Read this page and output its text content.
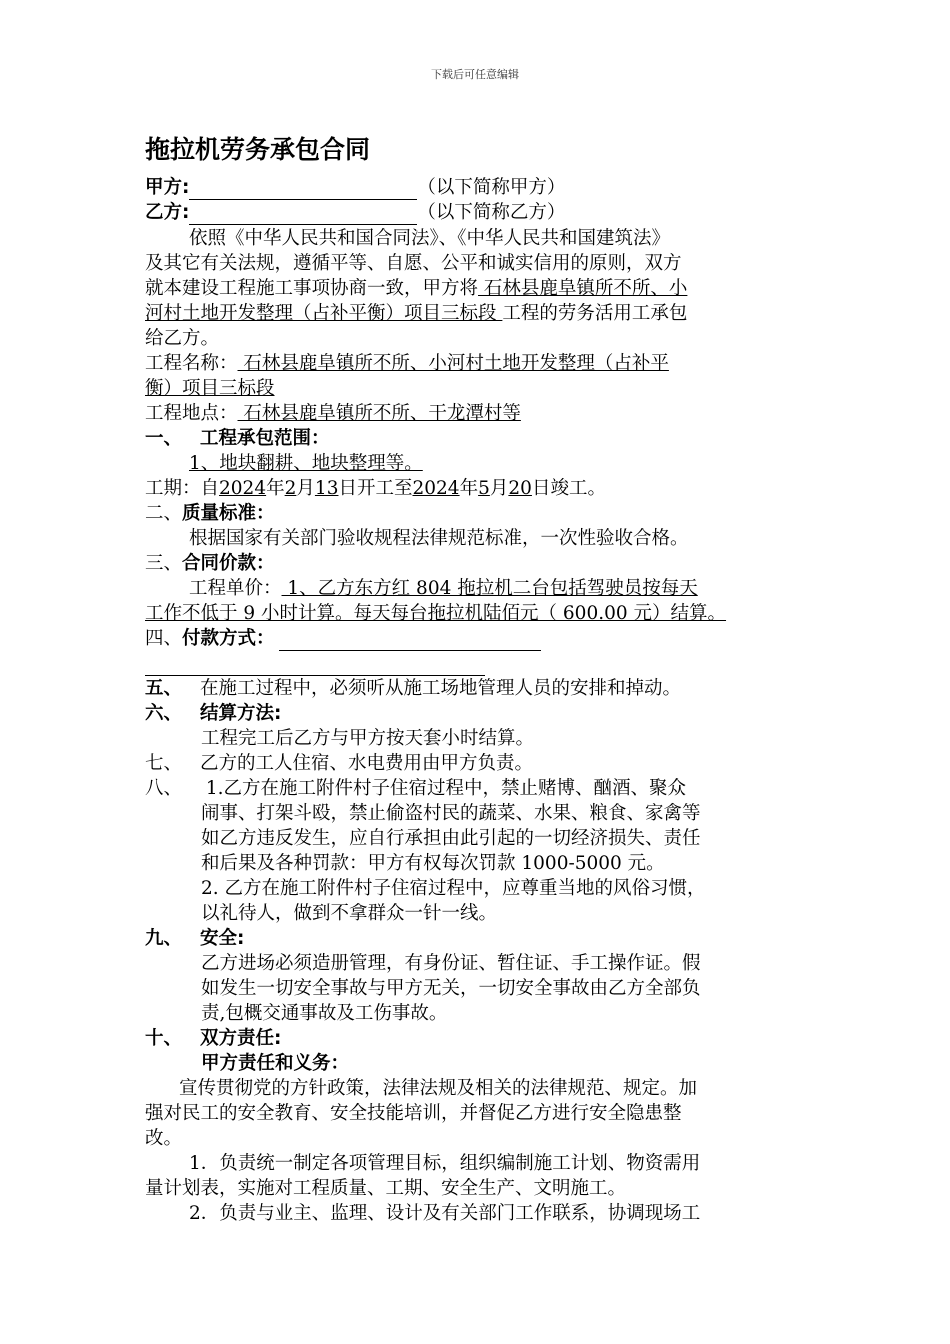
下载后可任意编辑
拖拉机劳务承包合同
甲方:	（以下简称甲方）
乙方:	（以下简称乙方）
依照《中华人民共和国合同法》、《中华人民共和国建筑法》
及其它有关法规，遵循平等、自愿、公平和诚实信用的原则，双方
就本建设工程施工事项协商一致，甲方将 石林县鹿阜镇所不所、小
河村土地开发整理（占补平衡）项目三标段 工程的劳务活用工承包
给乙方。
工程名称： 石林县鹿阜镇所不所、小河村土地开发整理（占补平
衡）项目三标段
工程地点： 石林县鹿阜镇所不所、干龙潭村等
一、 工程承包范围：
1、地块翻耕、地块整理等。
工期：自2024年2月13日开工至2024年5月20日竣工。
二、质量标准：
根据国家有关部门验收规程法律规范标准，一次性验收合格。
三、合同价款：
工程单价： 1、乙方东方红 804 拖拉机二台包括驾驶员按每天
工作不低于 9 小时计算。每天每台拖拉机陆佰元（ 600.00 元）结算。
四、付款方式：
五、 在施工过程中，必须听从施工场地管理人员的安排和掉动。
六、 结算方法:
工程完工后乙方与甲方按天套小时结算。
七、 乙方的工人住宿、水电费用由甲方负责。
八、 1.乙方在施工附件村子住宿过程中，禁止赌博、酗酒、聚众
闹事、打架斗殴，禁止偷盗村民的蔬菜、水果、粮食、家禽等
如乙方违反发生，应自行承担由此引起的一切经济损失、责任
和后果及各种罚款：甲方有权每次罚款 1000-5000 元。
2. 乙方在施工附件村子住宿过程中，应尊重当地的风俗习惯，
以礼待人，做到不拿群众一针一线。
九、 安全:
乙方进场必须造册管理，有身份证、暂住证、手工操作证。假
如发生一切安全事故与甲方无关，一切安全事故由乙方全部负
责,包概交通事故及工伤事故。
十、 双方责任:
甲方责任和义务：
宣传贯彻党的方针政策，法律法规及相关的法律规范、规定。加
强对民工的安全教育、安全技能培训，并督促乙方进行安全隐患整
改。
1．负责统一制定各项管理目标，组织编制施工计划、物资需用
量计划表，实施对工程质量、工期、安全生产、文明施工。
2．负责与业主、监理、设计及有关部门工作联系，协调现场工
